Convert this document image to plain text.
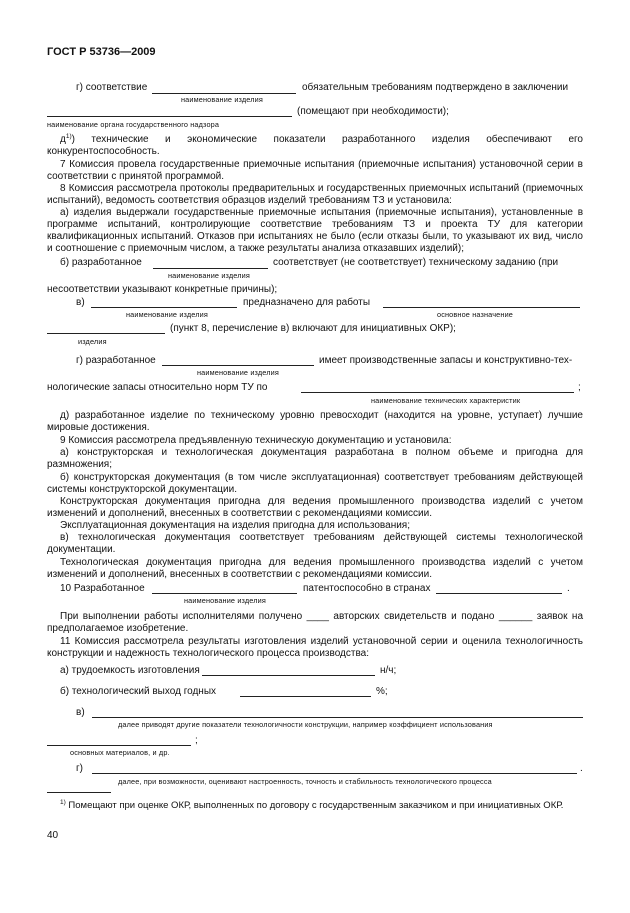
ГОСТ Р 53736—2009
г) соответствие	обязательным требованиям подтверждено в заключении
наименование изделия
(помещают при необходимости);
наименование органа государственного надзора
$д^{1)}$) технические и экономические показатели разработанного изделия обеспечивают его конкурентоспособность.
7 Комиссия провела государственные приемочные испытания (приемочные испытания) установочной серии в соответствии с принятой программой.
8 Комиссия рассмотрела протоколы предварительных и государственных приемочных испытаний (приемочных испытаний), ведомость соответствия образцов изделий требованиям ТЗ и установила:
а) изделия выдержали государственные приемочные испытания (приемочные испытания), установленные в программе испытаний, контролирующие соответствие требованиям ТЗ и проекта ТУ для категории квалификационных испытаний. Отказов при испытаниях не было (если отказы были, то указывают их вид, число и соотношение с приемочным числом, а также результаты анализа отказавших изделий);
б) разработанное	соответствует (не соответствует) техническому заданию (при
наименование изделия
несоответствии указывают конкретные причины);
в)	предназначено для работы
наименование изделия	основное назначение
(пункт 8, перечисление в) включают для инициативных ОКР);
изделия
г) разработанное	имеет производственные запасы и конструктивно-тех-
наименование изделия
нологические запасы относительно норм ТУ по	;
наименование технических характеристик
д) разработанное изделие по техническому уровню превосходит (находится на уровне, уступает) лучшие мировые достижения.
9 Комиссия рассмотрела предъявленную техническую документацию и установила:
а) конструкторская и технологическая документация разработана в полном объеме и пригодна для размножения;
б) конструкторская документация (в том числе эксплуатационная) соответствует требованиям действующей системы конструкторской документации.
Конструкторская документация пригодна для ведения промышленного производства изделий с учетом изменений и дополнений, внесенных в соответствии с рекомендациями комиссии.
Эксплуатационная документация на изделия пригодна для использования;
в) технологическая документация соответствует требованиям действующей системы технологической документации.
Технологическая документация пригодна для ведения промышленного производства изделий с учетом изменений и дополнений, внесенных в соответствии с рекомендациями комиссии.
10 Разработанное	патентоспособно в странах	.
наименование изделия
При выполнении работы исполнителями получено ____ авторских свидетельств и подано ______ заявок на предполагаемое изобретение.
11 Комиссия рассмотрела результаты изготовления изделий установочной серии и оценила технологичность конструкции и надежность технологического процесса производства:
а) трудоемкость изготовления	н/ч;
б) технологический выход годных	%;
в)
далее приводят другие показатели технологичности конструкции, например коэффициент использования
;
основных материалов, и др.
г)	.
далее, при возможности, оценивают настроенность, точность и стабильность технологического процесса
$^{1)}$ Помещают при оценке ОКР, выполненных по договору с государственным заказчиком и при инициативных ОКР.
40
